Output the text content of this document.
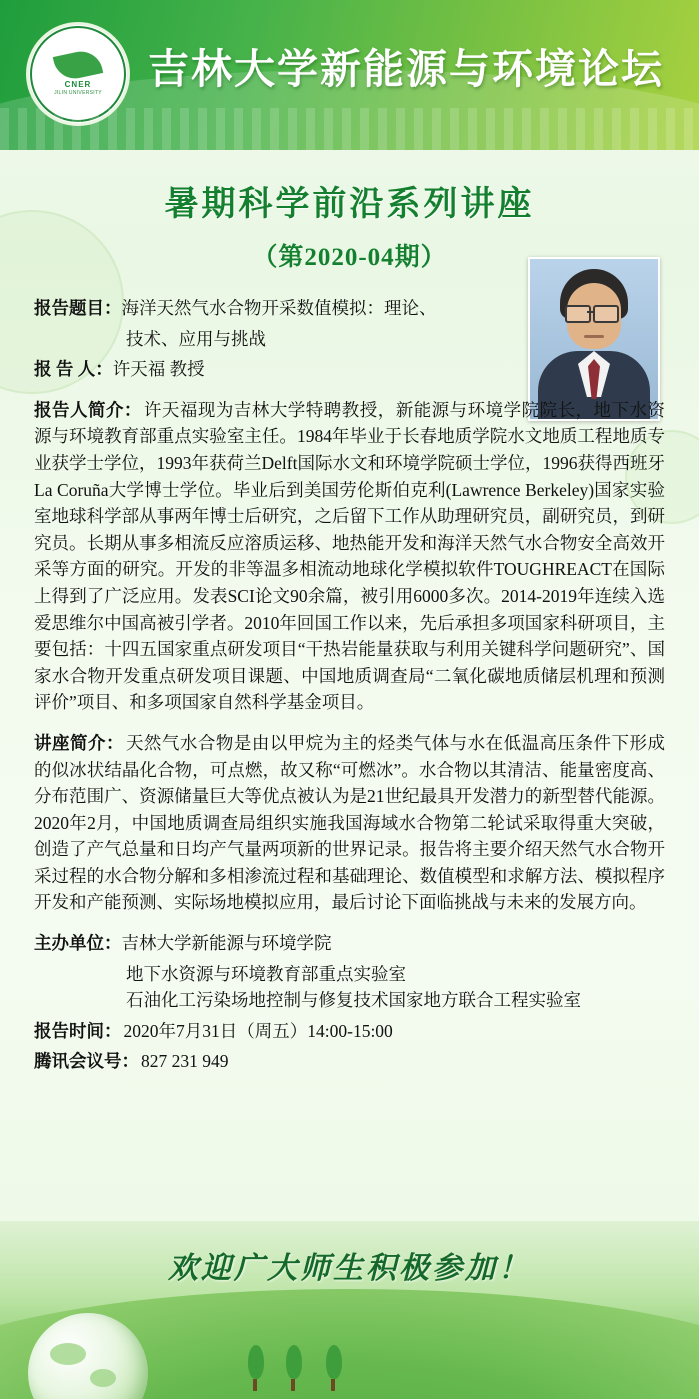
CNER
JILIN UNIVERSITY
吉林大学新能源与环境论坛
暑期科学前沿系列讲座
（第2020-04期）
报告题目： 海洋天然气水合物开采数值模拟：理论、
技术、应用与挑战
报 告 人： 许天福 教授
报告人简介： 许天福现为吉林大学特聘教授，新能源与环境学院院长，地下水资源与环境教育部重点实验室主任。1984年毕业于长春地质学院水文地质工程地质专业获学士学位，1993年获荷兰Delft国际水文和环境学院硕士学位，1996获得西班牙La Coruña大学博士学位。毕业后到美国劳伦斯伯克利(Lawrence Berkeley)国家实验室地球科学部从事两年博士后研究，之后留下工作从助理研究员，副研究员，到研究员。长期从事多相流反应溶质运移、地热能开发和海洋天然气水合物安全高效开采等方面的研究。开发的非等温多相流动地球化学模拟软件TOUGHREACT在国际上得到了广泛应用。发表SCI论文90余篇，被引用6000多次。2014-2019年连续入选爱思维尔中国高被引学者。2010年回国工作以来，先后承担多项国家科研项目，主要包括：十四五国家重点研发项目“干热岩能量获取与利用关键科学问题研究”、国家水合物开发重点研发项目课题、中国地质调查局“二氧化碳地质储层机理和预测评价”项目、和多项国家自然科学基金项目。
讲座简介： 天然气水合物是由以甲烷为主的烃类气体与水在低温高压条件下形成的似冰状结晶化合物，可点燃，故又称“可燃冰”。水合物以其清洁、能量密度高、分布范围广、资源储量巨大等优点被认为是21世纪最具开发潜力的新型替代能源。2020年2月，中国地质调查局组织实施我国海域水合物第二轮试采取得重大突破，创造了产气总量和日均产气量两项新的世界记录。报告将主要介绍天然气水合物开采过程的水合物分解和多相渗流过程和基础理论、数值模型和求解方法、模拟程序开发和产能预测、实际场地模拟应用，最后讨论下面临挑战与未来的发展方向。
主办单位： 吉林大学新能源与环境学院
地下水资源与环境教育部重点实验室
石油化工污染场地控制与修复技术国家地方联合工程实验室
报告时间： 2020年7月31日（周五）14:00-15:00
腾讯会议号： 827 231 949
欢迎广大师生积极参加！
